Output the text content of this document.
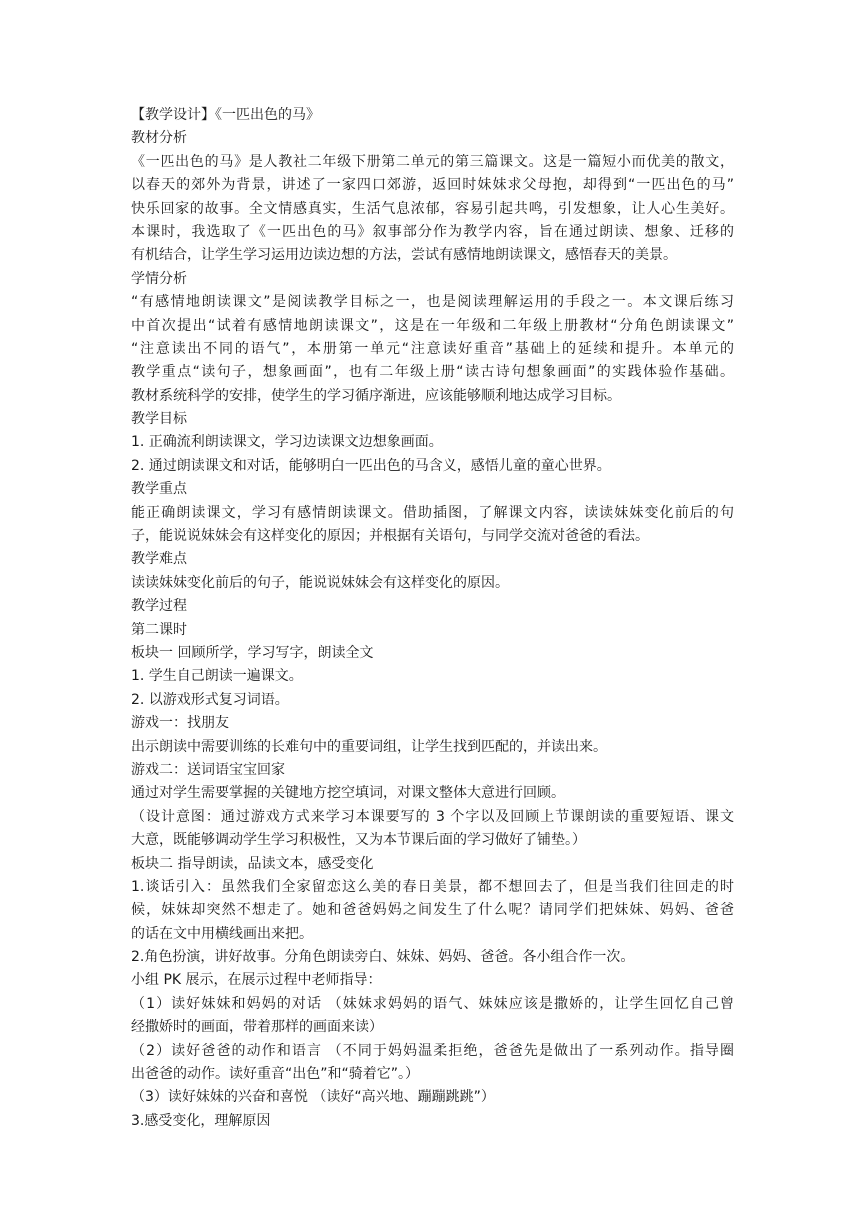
【教学设计】《一匹出色的马》
教材分析
《一匹出色的马》是人教社二年级下册第二单元的第三篇课文。这是一篇短小而优美的散文，
以春天的郊外为背景，讲述了一家四口郊游，返回时妹妹求父母抱，却得到“一匹出色的马”
快乐回家的故事。全文情感真实，生活气息浓郁，容易引起共鸣，引发想象，让人心生美好。
本课时，我选取了《一匹出色的马》叙事部分作为教学内容，旨在通过朗读、想象、迁移的
有机结合，让学生学习运用边读边想的方法，尝试有感情地朗读课文，感悟春天的美景。
学情分析
“有感情地朗读课文”是阅读教学目标之一，也是阅读理解运用的手段之一。本文课后练习
中首次提出“试着有感情地朗读课文”，这是在一年级和二年级上册教材“分角色朗读课文”
“注意读出不同的语气”，本册第一单元“注意读好重音”基础上的延续和提升。本单元的
教学重点“读句子，想象画面”，也有二年级上册“读古诗句想象画面”的实践体验作基础。
教材系统科学的安排，使学生的学习循序渐进，应该能够顺利地达成学习目标。
教学目标
1. 正确流利朗读课文，学习边读课文边想象画面。
2. 通过朗读课文和对话，能够明白一匹出色的马含义，感悟儿童的童心世界。
教学重点
能正确朗读课文，学习有感情朗读课文。借助插图，了解课文内容，读读妹妹变化前后的句
子，能说说妹妹会有这样变化的原因；并根据有关语句，与同学交流对爸爸的看法。
教学难点
读读妹妹变化前后的句子，能说说妹妹会有这样变化的原因。
教学过程
第二课时
板块一 回顾所学，学习写字，朗读全文
1. 学生自己朗读一遍课文。
2. 以游戏形式复习词语。
游戏一：找朋友
出示朗读中需要训练的长难句中的重要词组，让学生找到匹配的，并读出来。
游戏二：送词语宝宝回家
通过对学生需要掌握的关键地方挖空填词，对课文整体大意进行回顾。
（设计意图：通过游戏方式来学习本课要写的 3 个字以及回顾上节课朗读的重要短语、课文
大意，既能够调动学生学习积极性，又为本节课后面的学习做好了铺垫。）
板块二 指导朗读，品读文本，感受变化
1.谈话引入：虽然我们全家留恋这么美的春日美景，都不想回去了，但是当我们往回走的时
候，妹妹却突然不想走了。她和爸爸妈妈之间发生了什么呢？请同学们把妹妹、妈妈、爸爸
的话在文中用横线画出来把。
2.角色扮演，讲好故事。分角色朗读旁白、妹妹、妈妈、爸爸。各小组合作一次。
小组 PK 展示，在展示过程中老师指导：
（1）读好妹妹和妈妈的对话 （妹妹求妈妈的语气、妹妹应该是撒娇的，让学生回忆自己曾
经撒娇时的画面，带着那样的画面来读）
（2）读好爸爸的动作和语言 （不同于妈妈温柔拒绝，爸爸先是做出了一系列动作。指导圈
出爸爸的动作。读好重音“出色”和“骑着它”。）
（3）读好妹妹的兴奋和喜悦 （读好“高兴地、蹦蹦跳跳”）
3.感受变化，理解原因
